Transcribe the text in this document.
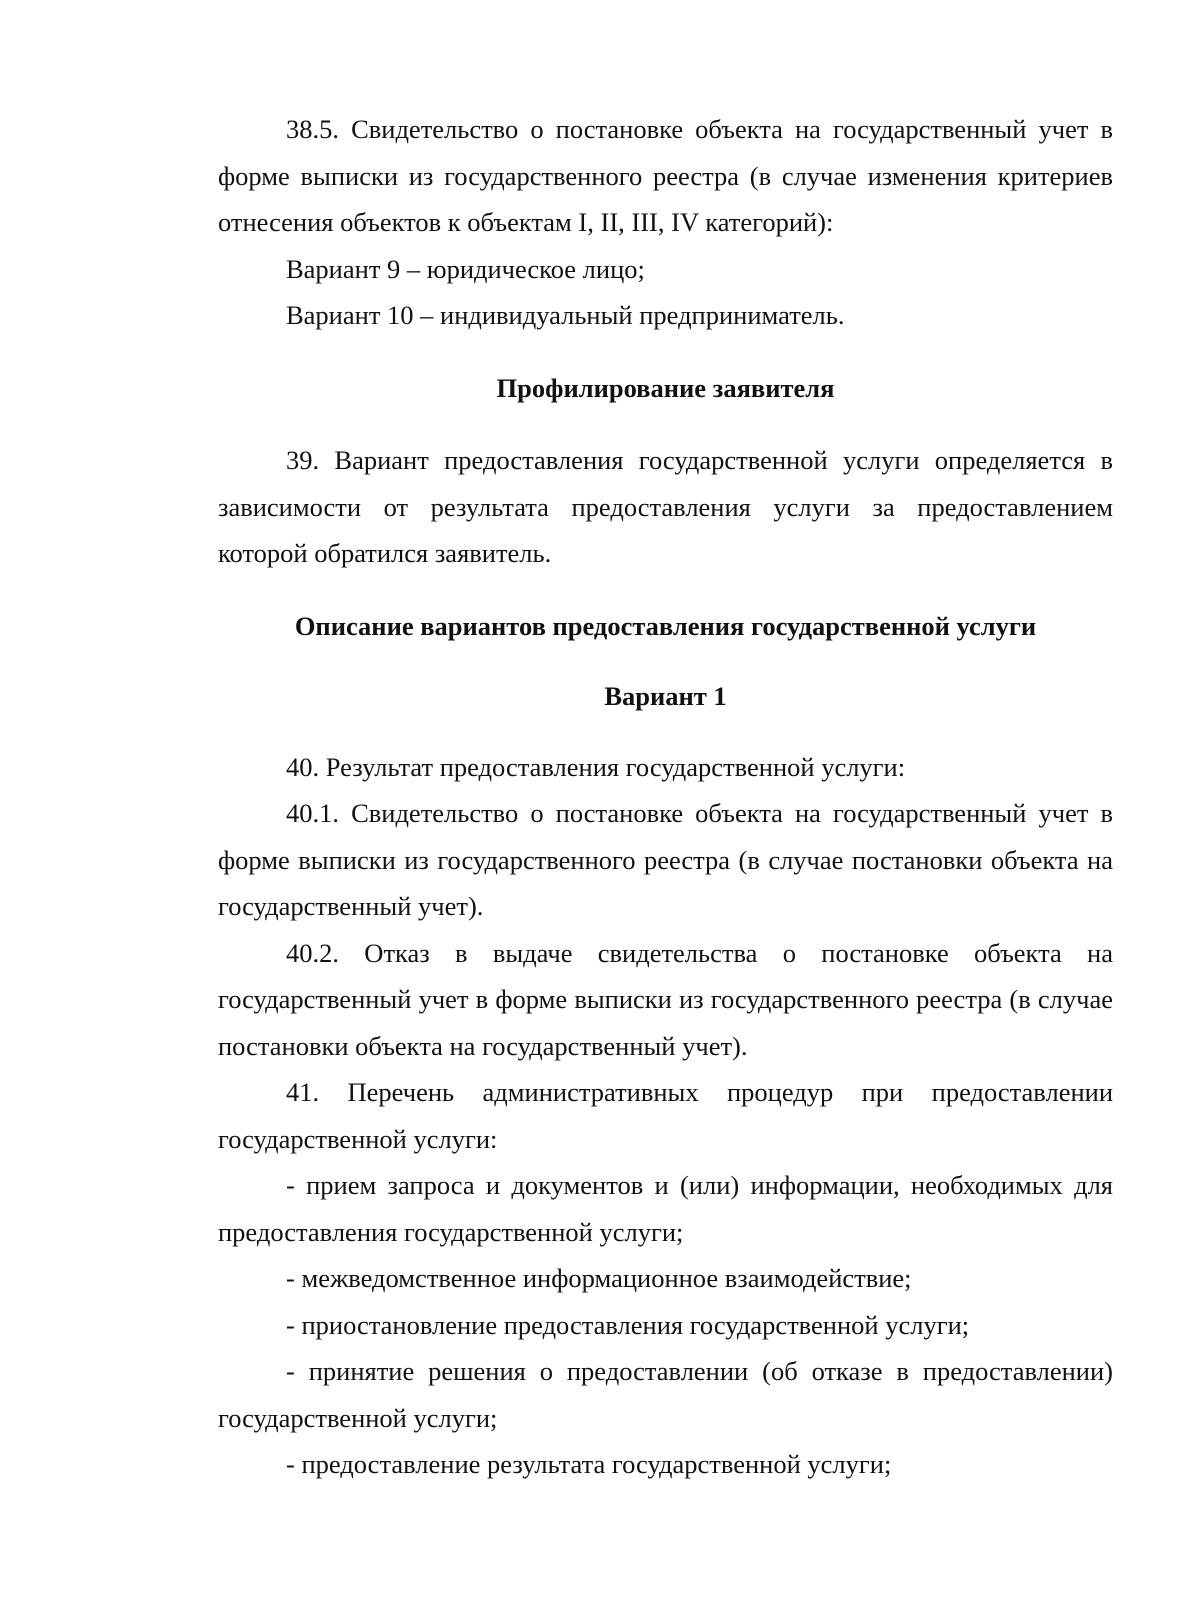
38.5. Свидетельство о постановке объекта на государственный учет в форме выписки из государственного реестра (в случае изменения критериев отнесения объектов к объектам I, II, III, IV категорий):

Вариант 9 – юридическое лицо;

Вариант 10 – индивидуальный предприниматель.

Профилирование заявителя

39. Вариант предоставления государственной услуги определяется в зависимости от результата предоставления услуги за предоставлением которой обратился заявитель.

Описание вариантов предоставления государственной услуги

Вариант 1

40. Результат предоставления государственной услуги:

40.1. Свидетельство о постановке объекта на государственный учет в форме выписки из государственного реестра (в случае постановки объекта на государственный учет).

40.2. Отказ в выдаче свидетельства о постановке объекта на государственный учет в форме выписки из государственного реестра (в случае постановки объекта на государственный учет).

41. Перечень административных процедур при предоставлении государственной услуги:

- прием запроса и документов и (или) информации, необходимых для предоставления государственной услуги;

- межведомственное информационное взаимодействие;

- приостановление предоставления государственной услуги;

- принятие решения о предоставлении (об отказе в предоставлении) государственной услуги;

- предоставление результата государственной услуги;
